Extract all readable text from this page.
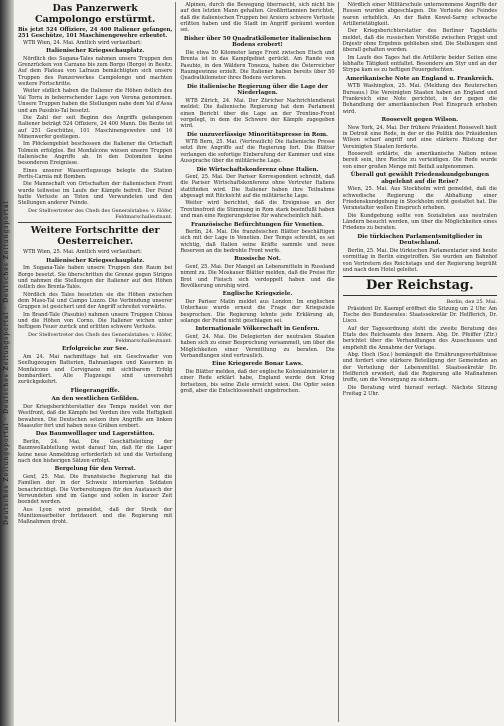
Deutsches Zeitungsportal · Deutsches Zeitungsportal · Deutsches Zeitungsportal
Das Panzerwerk Campolongo erstürmt.
Bis jetzt 524 Offiziere, 24 400 Italiener gefangen, 251 Geschütze, 101 Maschinengewehre erbeutet.

WTB Wien, 24. Mai. Amtlich wird verlautbart:

Italienischer Kriegsschauplatz.

Nördlich des Sugana-Tales nahmen unsere Truppen den Grenzrücken von Carzano bis zum Borgo (Borgo) in Besitz. Auf dem Plateau von Lafraun bemächtigten sich unsere Truppen des Panzerwerkes Campolongo und machten weitere Fortschritte.

Weiter südlich haben die Italiener die Höhen östlich des Val Torra in beherrschender Lage von Verona genommen. Unsere Truppen haben die Stellungen nahe dem Val d'Assa und am Pasubio-Tal besetzt.

Die Zahl der seit Beginn des Angriffs gefangenen Italiener beträgt 524 Offiziere, 24 400 Mann. Die Beute ist auf 251 Geschütze, 101 Maschinengewehre und 16 Minenwerfer gestiegen.

Im Plöckengebiet beschossen die Italiener die Ortschaft Tolmein erfolglos. Bei Monfalcone wiesen unsere Truppen italienische Angriffe ab. In den Dolomiten keine besonderen Ereignisse.

Eines unserer Wasserflugzeuge belegte die Station Pertis-Carnia mit Bomben.

Die Mannschaft von Ortschaften der italienischen Front wurde teilweise im Laufe der Kämpfe befreit. Der Feind hatte Verluste an Toten und Verwundeten und den Stellungen anderer Feinde.

Der Stellvertreter des Chefs des Generalstabes: v. Höfer, Feldmarschalleutnant.
Weitere Fortschritte der Oesterreicher.

WTB Wien, 25. Mai. Amtlich wird verlautbart:

Italienischer Kriegsschauplatz.

Im Sugana-Tale haben unsere Truppen den Raum bei Borgo besetzt. Sie überschritten die Grenze gegen Strigno und nahmen die Stellungen der Italiener auf den Höhen östlich des Brenta-Tales.

Nördlich des Tales besetzten sie die Höhen zwischen dem Maso-Tal und Campo Luzzo. Die Verbindung unserer Gruppen ist gesichert und der Angriff schreitet vorwärts.

Im Brand-Tale (Pasubio) nahmen unsere Truppen Chiesa und die Höhen von Corno. Die Italiener wichen unter heftigem Feuer zurück und erlitten schwere Verluste.

Der Stellvertreter des Chefs des Generalstabes: v. Höfer, Feldmarschalleutnant.
Erfolgreiche zur See.

Am 24. Mai nachmittags hat ein Geschwader von Seeflugzeugen Batterien, Bahnanlagen und Kasernen in Monfalcone und Cervignano mit sichtbarem Erfolg bombardiert. Alle Flugzeuge sind unversehrt zurückgekehrt.

Fliegerangriffe.
An den westlichen Gefilden.

Der Kriegsberichterstatter des Temps meldet von der Westfront, daß die Kämpfe bei Verdun ihre volle Heftigkeit bewahren. Die Deutschen setzen ihre Angriffe am linken Maasufer fort und haben neue Gräben erobert.

Das Baumwolllager und Lagerstätten.

Berlin, 24. Mai. Die Geschäftsleitung der Baumwollabteilung weist darauf hin, daß für die Lager keine neue Anmeldung erforderlich ist und die Verteilung nach den bisherigen Sätzen erfolgt.

Bergelung für den Verrat.

Genf, 25. Mai. Die französische Regierung hat die Familien der in der Schweiz internierten Soldaten benachrichtigt. Die Vorbereitungen für den Austausch der Verwundeten sind im Gange und sollen in kurzer Zeit beendet werden.

Aus Lyon wird gemeldet, daß der Streik der Munitionsarbeiter fortdauert und die Regierung mit Maßnahmen droht.

Alpinen, durch die Bewegung überrascht, sich nicht bis auf den letzten Mann gehalten. Großbritannien berichtet, daß die italienischen Truppen bei Arsiero schwere Verluste erlitten haben und die Stadt im Angriff geräumt worden sei.

Bisher über 50 Quadratkilometer italienischen Bodens erobert!

Die etwa 50 Kilometer lange Front zwischen Etsch und Brenta ist in das Kampfgebiet gerückt. Am Rande von Pasubio, in den Wäldern Tonezza, haben die Österreicher Raumgewinne erzielt. Die Italiener haben bereits über 50 Quadratkilometer ihres Bodens verloren.

Die italienische Regierung über die Lage der Niederlagen.

WTB Zürich, 24. Mai. Der Züricher Nachrichtendienst meldet: Die italienische Regierung hat dem Parlament einen Bericht über die Lage an der Trentino-Front vorgelegt, in dem die Schwere der Kämpfe zugegeben wird.

Die unzuverlässige Minoritätspresse in Rom.

WTB Bern, 25. Mai. (Vertraulich) Die italienische Presse setzt ihre Angriffe auf die Regierung fort. Die Blätter verlangen die sofortige Einberufung der Kammer und eine Aussprache über die militärische Lage.

Die Wirtschaftskonferenz ohne Italien.

Genf, 25. Mai. Der Pariser Korrespondent schreibt, daß die Pariser Wirtschaftskonferenz ohne Vertreter Italiens stattfinden wird. Die Italiener haben ihre Teilnahme abgesagt mit Rücksicht auf die militärische Lage.

Weiter wird berichtet, daß die Ereignisse an der Trentinofront die Stimmung in Rom stark beeinflußt haben und man eine Regierungskrise für wahrscheinlich hält.

Französische Befürchtungen für Venetien.

Berlin, 24. Mai. Die französischen Blätter beschäftigen sich mit der Lage in Venetien. Der Temps schreibt, es sei wichtig, daß Italien seine Kräfte sammle und neue Reserven an die bedrohte Front werfe.

Russische Not.

Genf, 25. Mai. Der Mangel an Lebensmitteln in Russland nimmt zu. Die Moskauer Blätter melden, daß die Preise für Brot und Fleisch sich verdoppelt haben und die Bevölkerung unruhig wird.

Englische Kriegsziele.

Der Pariser Matin meldet aus London: Im englischen Unterhaus wurde erneut die Frage der Kriegsziele besprochen. Die Regierung lehnte jede Erklärung ab, solange der Feind nicht geschlagen sei.

Internationale Völkerschaft in Genfern.

Genf, 24. Mai. Die Delegierten der neutralen Staaten haben sich zu einer Besprechung versammelt, um über die Möglichkeiten einer Vermittlung zu beraten. Die Verhandlungen sind vertraulich.

Eine Kriegsrede Bonar Laws.

Die Blätter melden, daß der englische Kolonialminister in einer Rede erklärt habe, England werde den Krieg fortsetzen, bis seine Ziele erreicht seien. Die Opfer seien groß, aber die Entschlossenheit ungebrochen.

Nördlich einer Militärschule unternommene Angriffe der Russen wurden abgeschlagen. Die Verluste des Feindes waren erheblich. An der Bahn Kowel-Sarny schwache Artillerietätigkeit.

Der Kriegsberichterstatter des Berliner Tageblatts meldet, daß die russischen Vorstöße zwischen Pripjet und Dnjestr ohne Ergebnis geblieben sind. Die Stellungen sind überall gehalten worden.

Im Laufe des Tages hat die Artillerie beider Seiten eine lebhafte Tätigkeit entfaltet. Besonders am Styr und an der Strypa kam es zu heftigen Feuergefechten.

Amerikanische Note an England u. Frankreich.

WTB Washington, 25. Mai. (Meldung des Reuterschen Bureaus.) Die Vereinigten Staaten haben an England und Frankreich eine Note gerichtet, in der gegen die Behandlung der amerikanischen Post Einspruch erhoben wird.

Roosevelt gegen Wilson.

New York, 24. Mai. Der frühere Präsident Roosevelt hielt in Detroit eine Rede, in der er die Politik des Präsidenten Wilson scharf angriff und eine stärkere Rüstung der Vereinigten Staaten forderte.

Roosevelt erklärte, die amerikanische Nation müsse bereit sein, ihre Rechte zu verteidigen. Die Rede wurde von einer großen Menge mit Beifall aufgenommen.

Überall gut gewählt Friedenskundgebungen abgelehnt auf die Reise?

Wien, 25. Mai. Aus Stockholm wird gemeldet, daß die schwedische Regierung die Abhaltung einer Friedenskundgebung in Stockholm nicht gestattet hat. Die Veranstalter wollen Einspruch erheben.

Die Kundgebung sollte von Sozialisten aus neutralen Ländern besucht werden, um über die Möglichkeiten eines Friedens zu beraten.

Die türkischen Parlamentsmitglieder in Deutschland.

Berlin, 25. Mai. Die türkischen Parlamentarier sind heute vormittag in Berlin eingetroffen. Sie wurden am Bahnhof von Vertretern des Reichstags und der Regierung begrüßt und nach dem Hotel geleitet.

Der Reichstag.
Berlin, den 25. Mai.

Präsident Dr. Kaempf eröffnet die Sitzung um 2 Uhr. Am Tische des Bundesrates: Staatssekretär Dr. Helfferich, Dr. Lisco.

Auf der Tagesordnung steht die zweite Beratung des Etats des Reichsamts des Innern. Abg. Dr. Pfeiffer (Ztr.) berichtet über die Verhandlungen des Ausschusses und empfiehlt die Annahme der Vorlage.

Abg. Hoch (Soz.) bemängelt die Ernährungsverhältnisse und fordert eine stärkere Beteiligung der Gemeinden an der Verteilung der Lebensmittel. Staatssekretär Dr. Helfferich erwidert, daß die Regierung alle Maßnahmen treffe, um die Versorgung zu sichern.

Die Beratung wird hierauf vertagt. Nächste Sitzung Freitag 2 Uhr.
